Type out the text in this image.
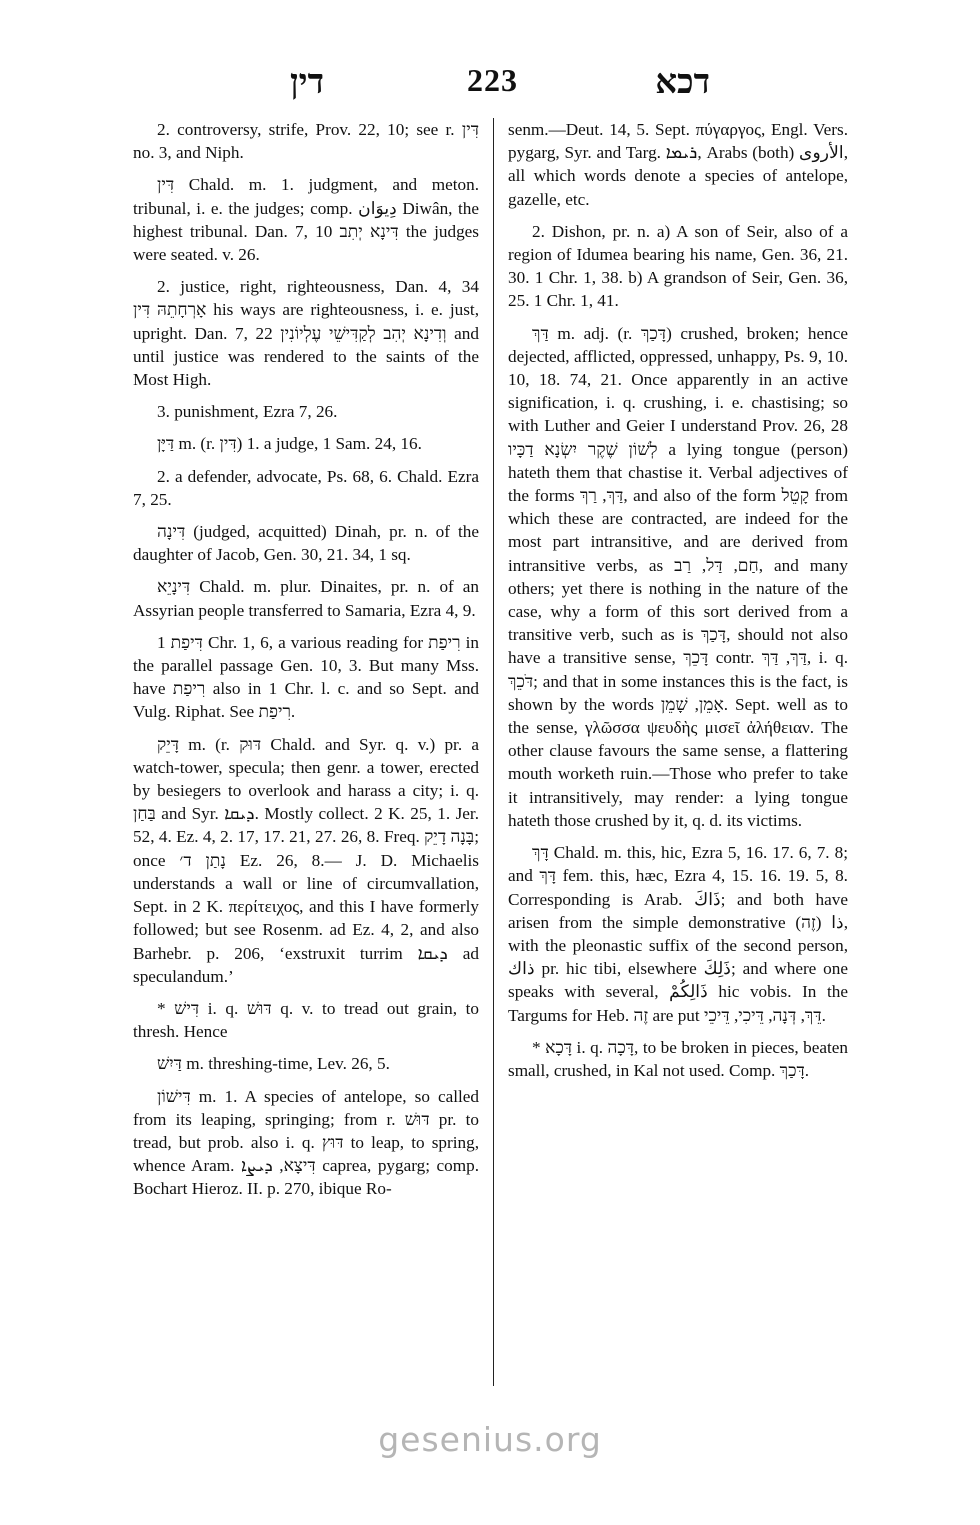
דין	223	דכא

2. controversy, strife, Prov. 22, 10; see r. דִּין no. 3, and Niph.

דִּין Chald. m. 1. judgment, and meton. tribunal, i. e. the judges; comp. دِيوَان Diwân, the highest tribunal. Dan. 7, 10 דִּינָא יְתִב the judges were seated. v. 26.

2. justice, right, righteousness, Dan. 4, 34 אָרְחָתֵהּ דִּין his ways are righteousness, i. e. just, upright. Dan. 7, 22 וְדִינָא יְהִב לְקַדִּישֵׁי עֶלְיוֹנִין and until justice was rendered to the saints of the Most High.

3. punishment, Ezra 7, 26.

דַּיָּן m. (r. דִּין) 1. a judge, 1 Sam. 24, 16.

2. a defender, advocate, Ps. 68, 6. Chald. Ezra 7, 25.

דִּינָה (judged, acquitted) Dinah, pr. n. of the daughter of Jacob, Gen. 30, 21. 34, 1 sq.

דִּינָיֵא Chald. m. plur. Dinaites, pr. n. of an Assyrian people transferred to Samaria, Ezra 4, 9.

דִּיפַת 1 Chr. 1, 6, a various reading for רִיפַת in the parallel passage Gen. 10, 3. But many Mss. have רִיפַת also in 1 Chr. l. c. and so Sept. and Vulg. Riphat. See רִיפַת.

דָּיֵק m. (r. דּוּק Chald. and Syr. q. v.) pr. a watch-tower, specula; then genr. a tower, erected by besiegers to overlook and harass a city; i. q. בַּחַן and Syr. ܕܝܩܐ. Mostly collect. 2 K. 25, 1. Jer. 52, 4. Ez. 4, 2. 17, 17. 21, 27. 26, 8. Freq. בָּנָה דָיֵק; once נָתַן ד׳ Ez. 26, 8.— J. D. Michaelis understands a wall or line of circumvallation, Sept. in 2 K. περίτειχος, and this I have formerly followed; but see Rosenm. ad Ez. 4, 2, and also Barhebr. p. 206, ‘exstruxit turrim ܕܝܩܐ ad speculandum.’

* דִּישׁ i. q. דּוּשׁ q. v. to tread out grain, to thresh. Hence

דַּיִשׁ m. threshing-time, Lev. 26, 5.

דִּישׁוֹן m. 1. A species of antelope, so called from its leaping, springing; from r. דּוּשׁ pr. to tread, but prob. also i. q. דּוּץ to leap, to spring, whence Aram. דִּיצָא, ܕܝܨܐ caprea, pygarg; comp. Bochart Hieroz. II. p. 270, ibique Ro-

senm.—Deut. 14, 5. Sept. πύγαργος, Engl. Vers. pygarg, Syr. and Targ. ܪܝܡܐ, Arabs (both) الأروى, all which words denote a species of antelope, gazelle, etc.

2. Dishon, pr. n. a) A son of Seir, also of a region of Idumea bearing his name, Gen. 36, 21. 30. 1 Chr. 1, 38. b) A grandson of Seir, Gen. 36, 25. 1 Chr. 1, 41.

דַּךְ m. adj. (r. דָּכַךְ) crushed, broken; hence dejected, afflicted, oppressed, unhappy, Ps. 9, 10. 10, 18. 74, 21. Once apparently in an active signification, i. q. crushing, i. e. chastising; so with Luther and Geier I understand Prov. 26, 28 לְשׁוֹן שֶׁקֶר יִשְׂנָא דַכָּיו a lying tongue (person) hateth them that chastise it. Verbal adjectives of the forms דַּךְ, רַךְ, and also of the form קָטֵל from which these are contracted, are indeed for the most part intransitive, and are derived from intransitive verbs, as חַם, דַּל, רַב, and many others; yet there is nothing in the nature of the case, why a form of this sort derived from a transitive verb, such as is דָּכַךְ, should not also have a transitive sense, דָּכֵךְ contr. דַּךְ, דַּךְ, i. q. דֹּכֵךְ; and that in some instances this is the fact, is shown by the words אָמֵן, שָׁמֵן. Sept. well as to the sense, γλῶσσα ψευδὴς μισεῖ ἀλήθειαν. The other clause favours the same sense, a flattering mouth worketh ruin.—Those who prefer to take it intransitively, may render: a lying tongue hateth those crushed by it, q. d. its victims.

דָּךְ Chald. m. this, hic, Ezra 5, 16. 17. 6, 7. 8; and דָּךְ fem. this, hæc, Ezra 4, 15. 16. 19. 5, 8. Corresponding is Arab. ذَاكَ; and both have arisen from the simple demonstrative ذا (זֶה), with the pleonastic suffix of the second person, ذاك pr. hic tibi, elsewhere ذَلِكَ; and where one speaks with several, ذَالِكُمْ hic vobis. In the Targums for Heb. זֶה are put דֵּךְ, דְּנָה, דֵּיכִי, דֵּיכֵי.

* דָּכָא i. q. דָּכָה, to be broken in pieces, beaten small, crushed, in Kal not used. Comp. דָּכַךְ.

gesenius.org
